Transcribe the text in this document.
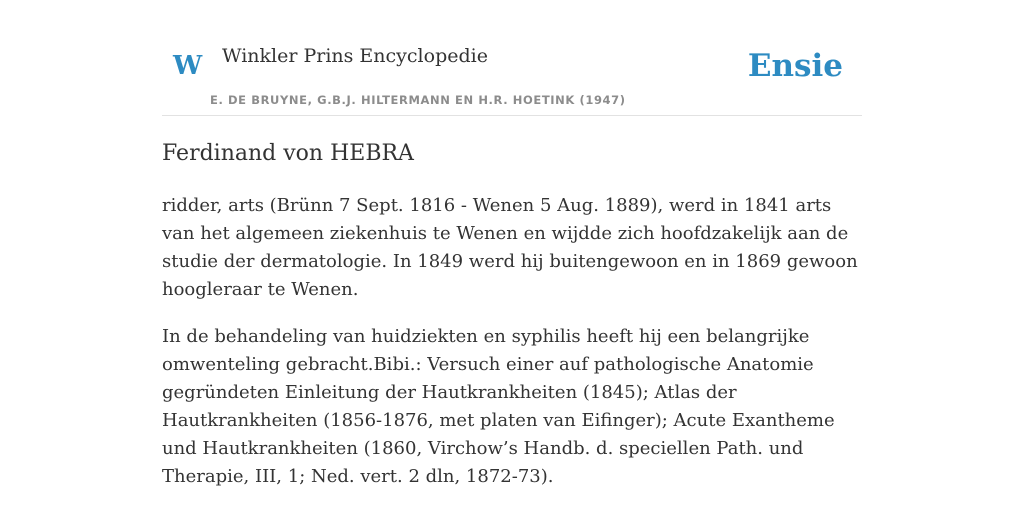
W Winkler Prins Encyclopedie
E. DE BRUYNE, G.B.J. HILTERMANN EN H.R. HOETINK (1947)
Ensie
Ferdinand von HEBRA

ridder, arts (Brünn 7 Sept. 1816 - Wenen 5 Aug. 1889), werd in 1841 arts van het algemeen ziekenhuis te Wenen en wijdde zich hoofdzakelijk aan de studie der dermatologie. In 1849 werd hij buitengewoon en in 1869 gewoon hoogleraar te Wenen.

In de behandeling van huidziekten en syphilis heeft hij een belangrijke omwenteling gebracht.Bibi.: Versuch einer auf pathologische Anatomie gegründeten Einleitung der Hautkrankheiten (1845); Atlas der Hautkrankheiten (1856-1876, met platen van Eifinger); Acute Exantheme und Hautkrankheiten (1860, Virchow’s Handb. d. speciellen Path. und Therapie, III, 1; Ned. vert. 2 dln, 1872-73).
